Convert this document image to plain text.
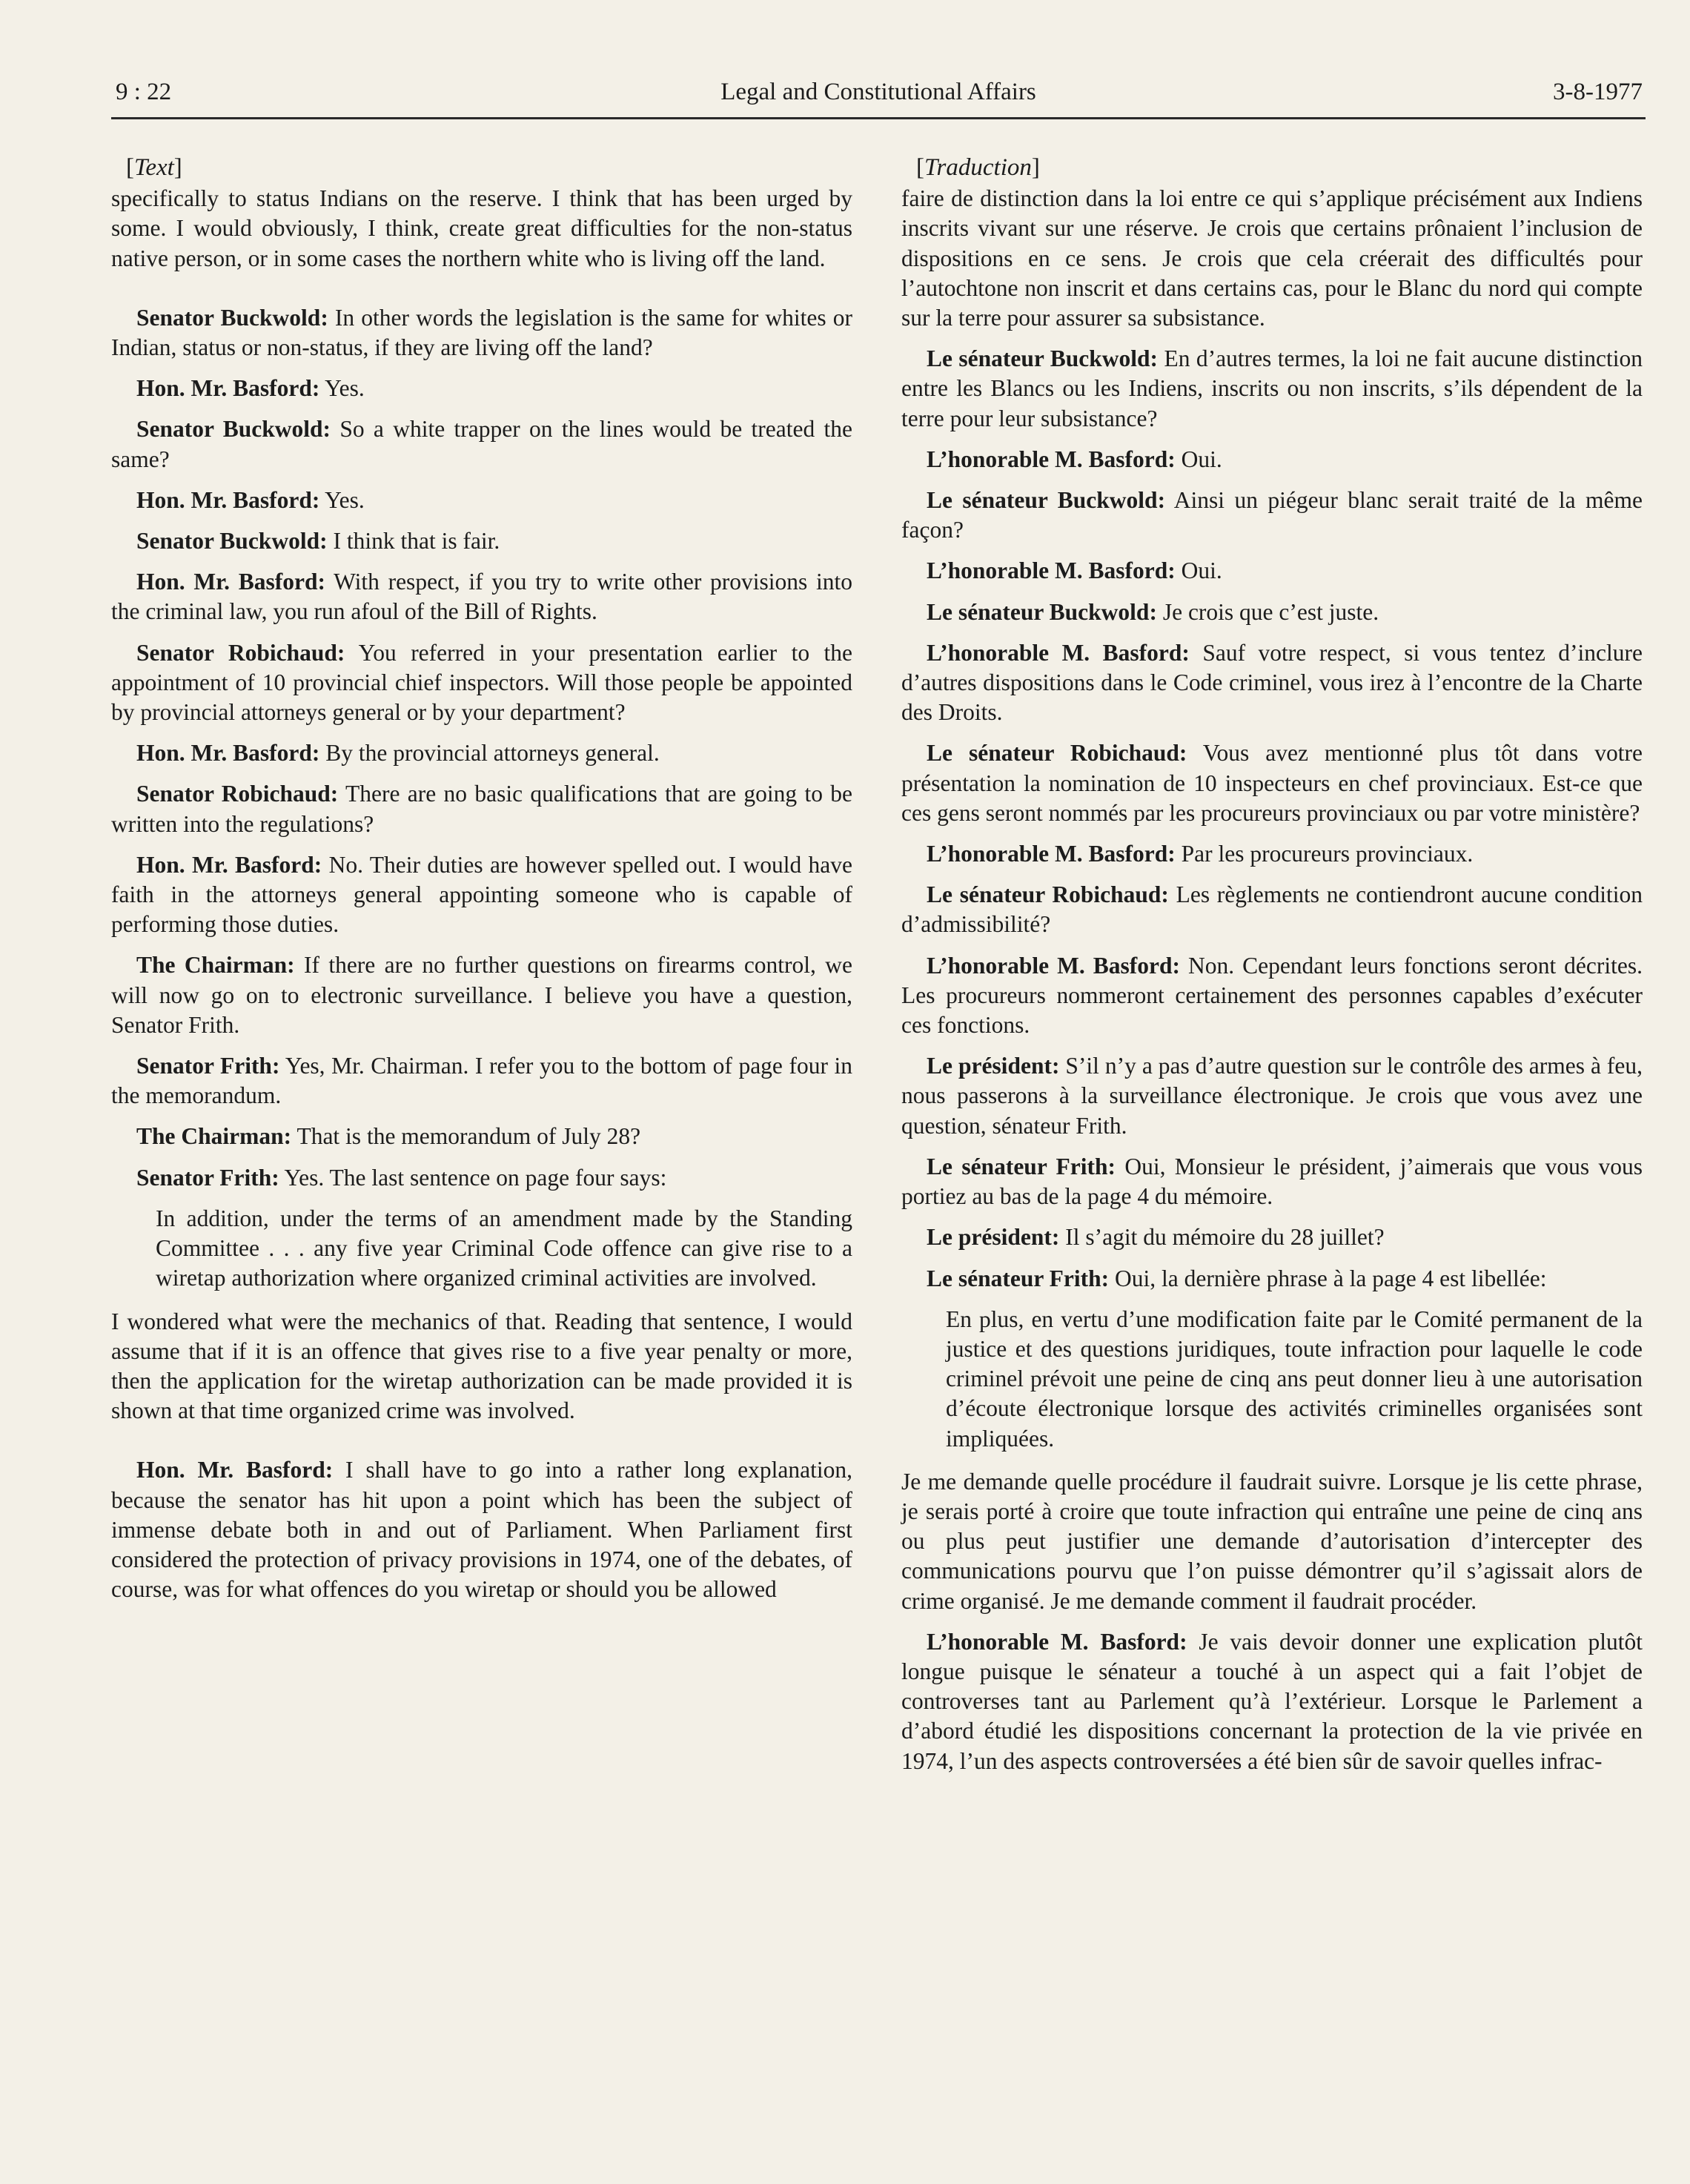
9 : 22	Legal and Constitutional Affairs	3-8-1977
[Text]

specifically to status Indians on the reserve. I think that has been urged by some. I would obviously, I think, create great difficulties for the non-status native person, or in some cases the northern white who is living off the land.

Senator Buckwold: In other words the legislation is the same for whites or Indian, status or non-status, if they are living off the land?

Hon. Mr. Basford: Yes.

Senator Buckwold: So a white trapper on the lines would be treated the same?

Hon. Mr. Basford: Yes.

Senator Buckwold: I think that is fair.

Hon. Mr. Basford: With respect, if you try to write other provisions into the criminal law, you run afoul of the Bill of Rights.

Senator Robichaud: You referred in your presentation earlier to the appointment of 10 provincial chief inspectors. Will those people be appointed by provincial attorneys general or by your department?

Hon. Mr. Basford: By the provincial attorneys general.

Senator Robichaud: There are no basic qualifications that are going to be written into the regulations?

Hon. Mr. Basford: No. Their duties are however spelled out. I would have faith in the attorneys general appointing someone who is capable of performing those duties.

The Chairman: If there are no further questions on firearms control, we will now go on to electronic surveillance. I believe you have a question, Senator Frith.

Senator Frith: Yes, Mr. Chairman. I refer you to the bottom of page four in the memorandum.

The Chairman: That is the memorandum of July 28?

Senator Frith: Yes. The last sentence on page four says:

In addition, under the terms of an amendment made by the Standing Committee . . . any five year Criminal Code offence can give rise to a wiretap authorization where organized criminal activities are involved.

I wondered what were the mechanics of that. Reading that sentence, I would assume that if it is an offence that gives rise to a five year penalty or more, then the application for the wiretap authorization can be made provided it is shown at that time organized crime was involved.

Hon. Mr. Basford: I shall have to go into a rather long explanation, because the senator has hit upon a point which has been the subject of immense debate both in and out of Parliament. When Parliament first considered the protection of privacy provisions in 1974, one of the debates, of course, was for what offences do you wiretap or should you be allowed

[Traduction]

faire de distinction dans la loi entre ce qui s’applique précisément aux Indiens inscrits vivant sur une réserve. Je crois que certains prônaient l’inclusion de dispositions en ce sens. Je crois que cela créerait des difficultés pour l’autochtone non inscrit et dans certains cas, pour le Blanc du nord qui compte sur la terre pour assurer sa subsistance.

Le sénateur Buckwold: En d’autres termes, la loi ne fait aucune distinction entre les Blancs ou les Indiens, inscrits ou non inscrits, s’ils dépendent de la terre pour leur subsistance?

L’honorable M. Basford: Oui.

Le sénateur Buckwold: Ainsi un piégeur blanc serait traité de la même façon?

L’honorable M. Basford: Oui.

Le sénateur Buckwold: Je crois que c’est juste.

L’honorable M. Basford: Sauf votre respect, si vous tentez d’inclure d’autres dispositions dans le Code criminel, vous irez à l’encontre de la Charte des Droits.

Le sénateur Robichaud: Vous avez mentionné plus tôt dans votre présentation la nomination de 10 inspecteurs en chef provinciaux. Est-ce que ces gens seront nommés par les procureurs provinciaux ou par votre ministère?

L’honorable M. Basford: Par les procureurs provinciaux.

Le sénateur Robichaud: Les règlements ne contiendront aucune condition d’admissibilité?

L’honorable M. Basford: Non. Cependant leurs fonctions seront décrites. Les procureurs nommeront certainement des personnes capables d’exécuter ces fonctions.

Le président: S’il n’y a pas d’autre question sur le contrôle des armes à feu, nous passerons à la surveillance électronique. Je crois que vous avez une question, sénateur Frith.

Le sénateur Frith: Oui, Monsieur le président, j’aimerais que vous vous portiez au bas de la page 4 du mémoire.

Le président: Il s’agit du mémoire du 28 juillet?

Le sénateur Frith: Oui, la dernière phrase à la page 4 est libellée:

En plus, en vertu d’une modification faite par le Comité permanent de la justice et des questions juridiques, toute infraction pour laquelle le code criminel prévoit une peine de cinq ans peut donner lieu à une autorisation d’écoute électronique lorsque des activités criminelles organisées sont impliquées.

Je me demande quelle procédure il faudrait suivre. Lorsque je lis cette phrase, je serais porté à croire que toute infraction qui entraîne une peine de cinq ans ou plus peut justifier une demande d’autorisation d’intercepter des communications pourvu que l’on puisse démontrer qu’il s’agissait alors de crime organisé. Je me demande comment il faudrait procéder.

L’honorable M. Basford: Je vais devoir donner une explication plutôt longue puisque le sénateur a touché à un aspect qui a fait l’objet de controverses tant au Parlement qu’à l’extérieur. Lorsque le Parlement a d’abord étudié les dispositions concernant la protection de la vie privée en 1974, l’un des aspects controversées a été bien sûr de savoir quelles infrac-
